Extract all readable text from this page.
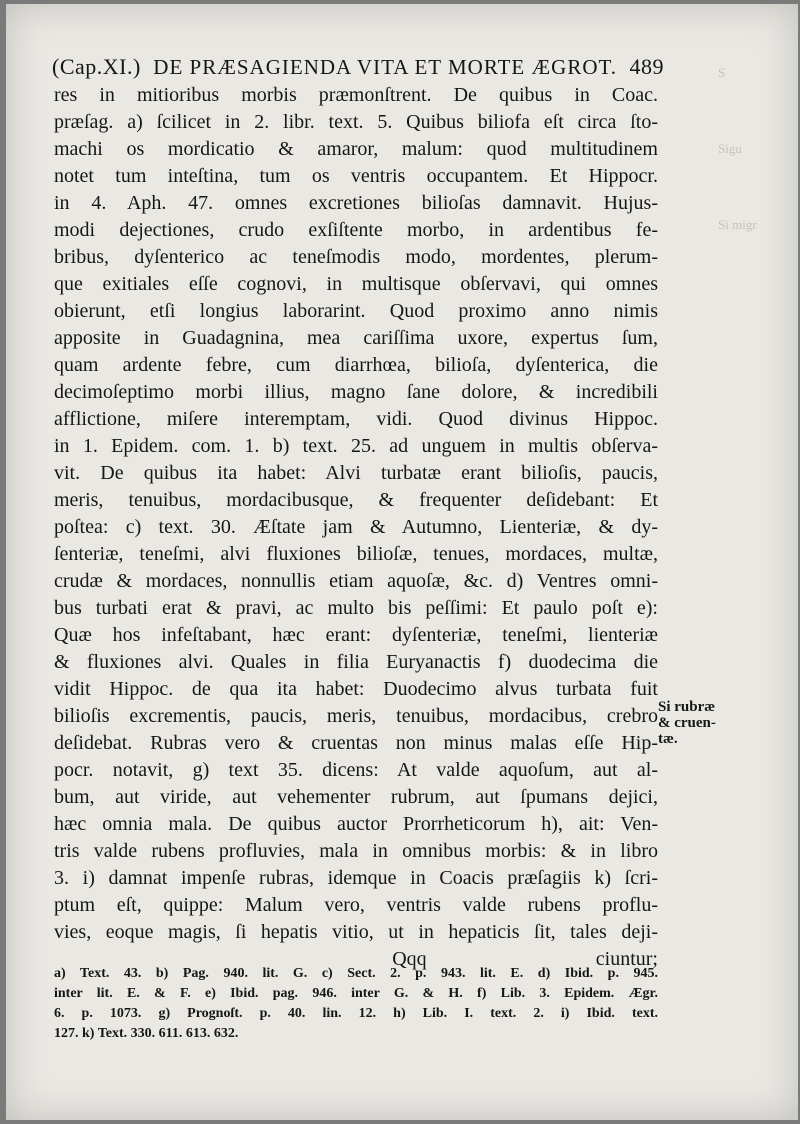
S
Sigu
Si migr
(Cap.XI.) DE PRÆSAGIENDA VITA ET MORTE ÆGROT. 489
res in mitioribus morbis præmonſtrent. De quibus in Coac.
præſag. a) ſcilicet in 2. libr. text. 5. Quibus biliofa eſt circa ſto-
machi os mordicatio & amaror, malum: quod multitudinem
notet tum inteſtina, tum os ventris occupantem. Et Hippocr.
in 4. Aph. 47. omnes excretiones bilioſas damnavit. Hujus-
modi dejectiones, crudo exſiſtente morbo, in ardentibus fe-
bribus, dyſenterico ac teneſmodis modo, mordentes, plerum-
que exitiales eſſe cognovi, in multisque obſervavi, qui omnes
obierunt, etſi longius laborarint. Quod proximo anno nimis
apposite in Guadagnina, mea cariſſima uxore, expertus ſum,
quam ardente febre, cum diarrhœa, bilioſa, dyſenterica, die
decimoſeptimo morbi illius, magno ſane dolore, & incredibili
afflictione, miſere interemptam, vidi. Quod divinus Hippoc.
in 1. Epidem. com. 1. b) text. 25. ad unguem in multis obſerva-
vit. De quibus ita habet: Alvi turbatæ erant bilioſis, paucis,
meris, tenuibus, mordacibusque, & frequenter deſidebant: Et
poſtea: c) text. 30. Æſtate jam & Autumno, Lienteriæ, & dy-
ſenteriæ, teneſmi, alvi fluxiones bilioſæ, tenues, mordaces, multæ,
crudæ & mordaces, nonnullis etiam aquoſæ, &c. d) Ventres omni-
bus turbati erat & pravi, ac multo bis peſſimi: Et paulo poſt e):
Quæ hos infeſtabant, hæc erant: dyſenteriæ, teneſmi, lienteriæ
& fluxiones alvi. Quales in filia Euryanactis f) duodecima die
vidit Hippoc. de qua ita habet: Duodecimo alvus turbata fuit
bilioſis excrementis, paucis, meris, tenuibus, mordacibus, crebro
deſidebat. Rubras vero & cruentas non minus malas eſſe Hip-
pocr. notavit, g) text 35. dicens: At valde aquoſum, aut al-
bum, aut viride, aut vehementer rubrum, aut ſpumans dejici,
hæc omnia mala. De quibus auctor Prorrheticorum h), ait: Ven-
tris valde rubens profluvies, mala in omnibus morbis: & in libro
3. i) damnat impenſe rubras, idemque in Coacis præſagiis k) ſcri-
ptum eſt, quippe: Malum vero, ventris valde rubens proflu-
vies, eoque magis, ſi hepatis vitio, ut in hepaticis ſit, tales deji-
Qqq	ciuntur;
Si rubræ
& cruen-
tæ.
a) Text. 43. b) Pag. 940. lit. G. c) Sect. 2. p. 943. lit. E. d) Ibid. p. 945.
inter lit. E. & F. e) Ibid. pag. 946. inter G. & H. f) Lib. 3. Epidem. Ægr.
6. p. 1073. g) Prognoſt. p. 40. lin. 12. h) Lib. I. text. 2. i) Ibid. text.
127. k) Text. 330. 611. 613. 632.
